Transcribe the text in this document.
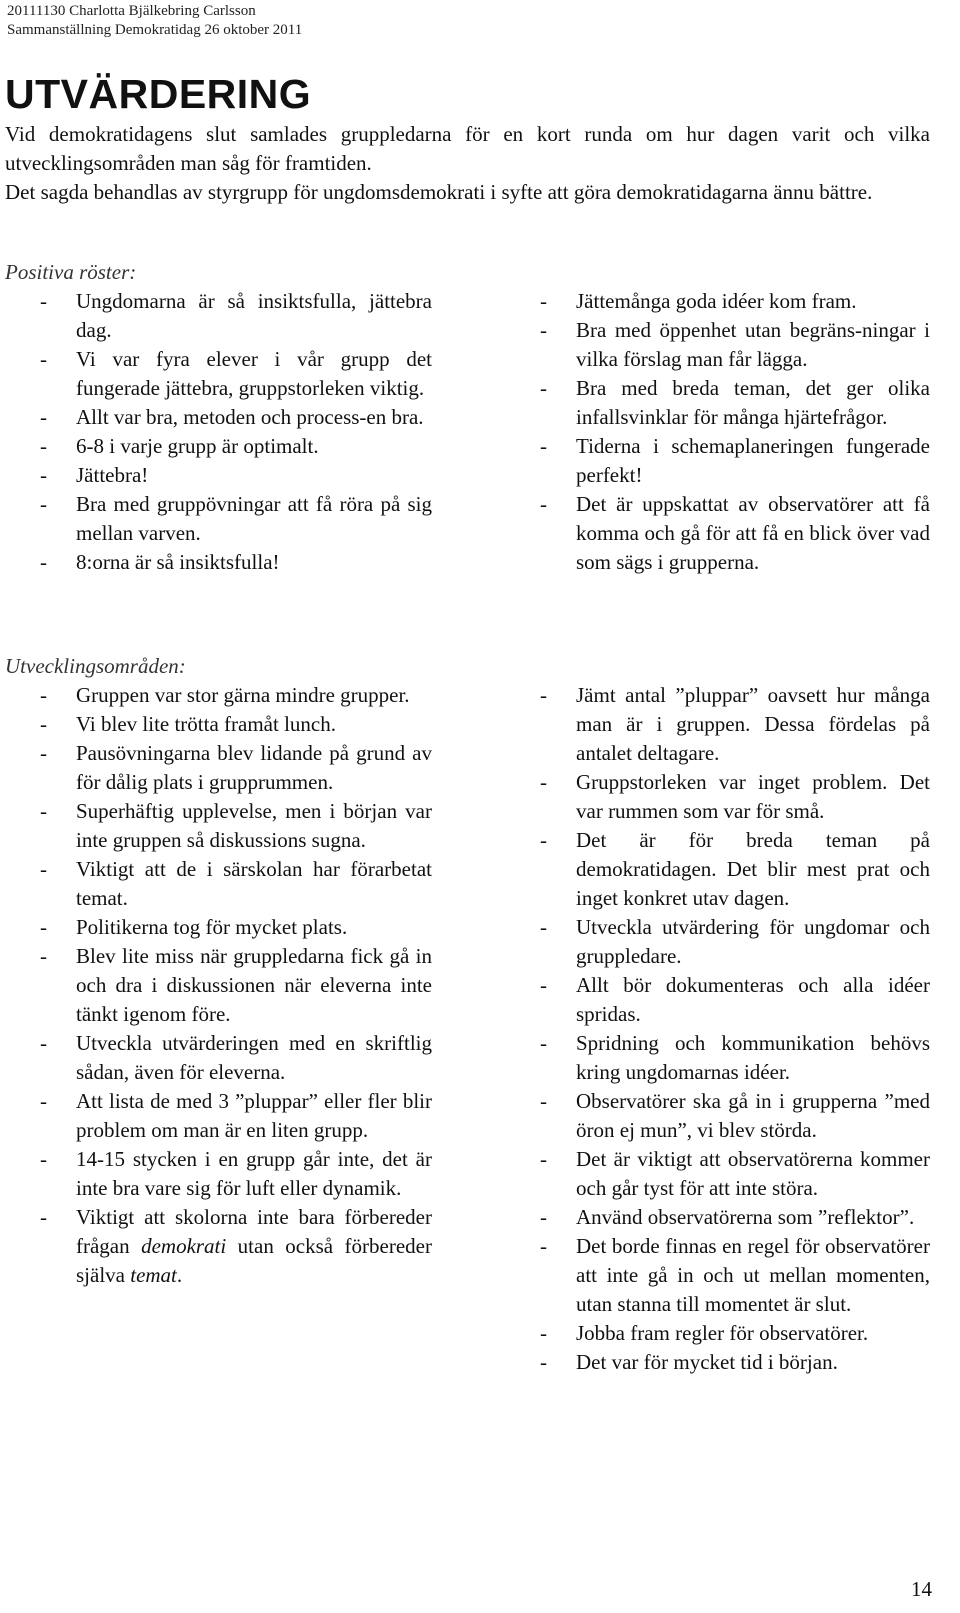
20111130 Charlotta Bjälkebring Carlsson
Sammanställning Demokratidag 26 oktober 2011
UTVÄRDERING

Vid demokratidagens slut samlades gruppledarna för en kort runda om hur dagen varit och vilka utvecklingsområden man såg för framtiden.

Det sagda behandlas av styrgrupp för ungdomsdemokrati i syfte att göra demokratidagarna ännu bättre.

Positiva röster:
- Ungdomarna är så insiktsfulla, jättebra dag.
- Vi var fyra elever i vår grupp det fungerade jättebra, gruppstorleken viktig.
- Allt var bra, metoden och process-en bra.
- 6-8 i varje grupp är optimalt.
- Jättebra!
- Bra med gruppövningar att få röra på sig mellan varven.
- 8:orna är så insiktsfulla!
- Jättemånga goda idéer kom fram.
- Bra med öppenhet utan begräns-ningar i vilka förslag man får lägga.
- Bra med breda teman, det ger olika infallsvinklar för många hjärtefrågor.
- Tiderna i schemaplaneringen fungerade perfekt!
- Det är uppskattat av observatörer att få komma och gå för att få en blick över vad som sägs i grupperna.
Utvecklingsområden:
- Gruppen var stor gärna mindre grupper.
- Vi blev lite trötta framåt lunch.
- Pausövningarna blev lidande på grund av för dålig plats i grupprummen.
- Superhäftig upplevelse, men i början var inte gruppen så diskussions sugna.
- Viktigt att de i särskolan har förarbetat temat.
- Politikerna tog för mycket plats.
- Blev lite miss när gruppledarna fick gå in och dra i diskussionen när eleverna inte tänkt igenom före.
- Utveckla utvärderingen med en skriftlig sådan, även för eleverna.
- Att lista de med 3 ”pluppar” eller fler blir problem om man är en liten grupp.
- 14-15 stycken i en grupp går inte, det är inte bra vare sig för luft eller dynamik.
- Viktigt att skolorna inte bara förbereder frågan demokrati utan också förbereder själva temat.
- Jämt antal ”pluppar” oavsett hur många man är i gruppen. Dessa fördelas på antalet deltagare.
- Gruppstorleken var inget problem. Det var rummen som var för små.
- Det är för breda teman på demokratidagen. Det blir mest prat och inget konkret utav dagen.
- Utveckla utvärdering för ungdomar och gruppledare.
- Allt bör dokumenteras och alla idéer spridas.
- Spridning och kommunikation behövs kring ungdomarnas idéer.
- Observatörer ska gå in i grupperna ”med öron ej mun”, vi blev störda.
- Det är viktigt att observatörerna kommer och går tyst för att inte störa.
- Använd observatörerna som ”reflektor”.
- Det borde finnas en regel för observatörer att inte gå in och ut mellan momenten, utan stanna till momentet är slut.
- Jobba fram regler för observatörer.
- Det var för mycket tid i början.
14
